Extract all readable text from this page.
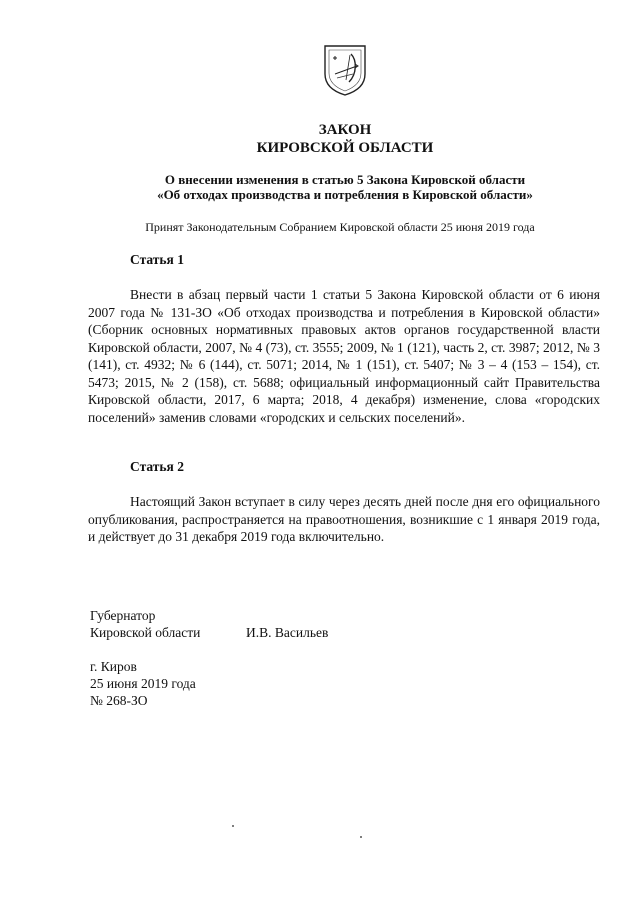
ЗАКОН
КИРОВСКОЙ ОБЛАСТИ
О внесении изменения в статью 5 Закона Кировской области
«Об отходах производства и потребления в Кировской области»
Принят Законодательным Собранием Кировской области 25 июня 2019 года
Статья 1

Внести в абзац первый части 1 статьи 5 Закона Кировской области от 6 июня 2007 года № 131-ЗО «Об отходах производства и потребления в Кировской области» (Сборник основных нормативных правовых актов органов государственной власти Кировской области, 2007, № 4 (73), ст. 3555; 2009, № 1 (121), часть 2, ст. 3987; 2012, № 3 (141), ст. 4932; № 6 (144), ст. 5071; 2014, № 1 (151), ст. 5407; № 3 – 4 (153 – 154), ст. 5473; 2015, № 2 (158), ст. 5688; официальный информационный сайт Правительства Кировской области, 2017, 6 марта; 2018, 4 декабря) изменение, слова «городских поселений» заменив словами «городских и сельских поселений».

Статья 2

Настоящий Закон вступает в силу через десять дней после дня его официального опубликования, распространяется на правоотношения, возникшие с 1 января 2019 года, и действует до 31 декабря 2019 года включительно.

Губернатор
Кировской области	И.В. Васильев
г. Киров
25 июня 2019 года
№ 268-ЗО
